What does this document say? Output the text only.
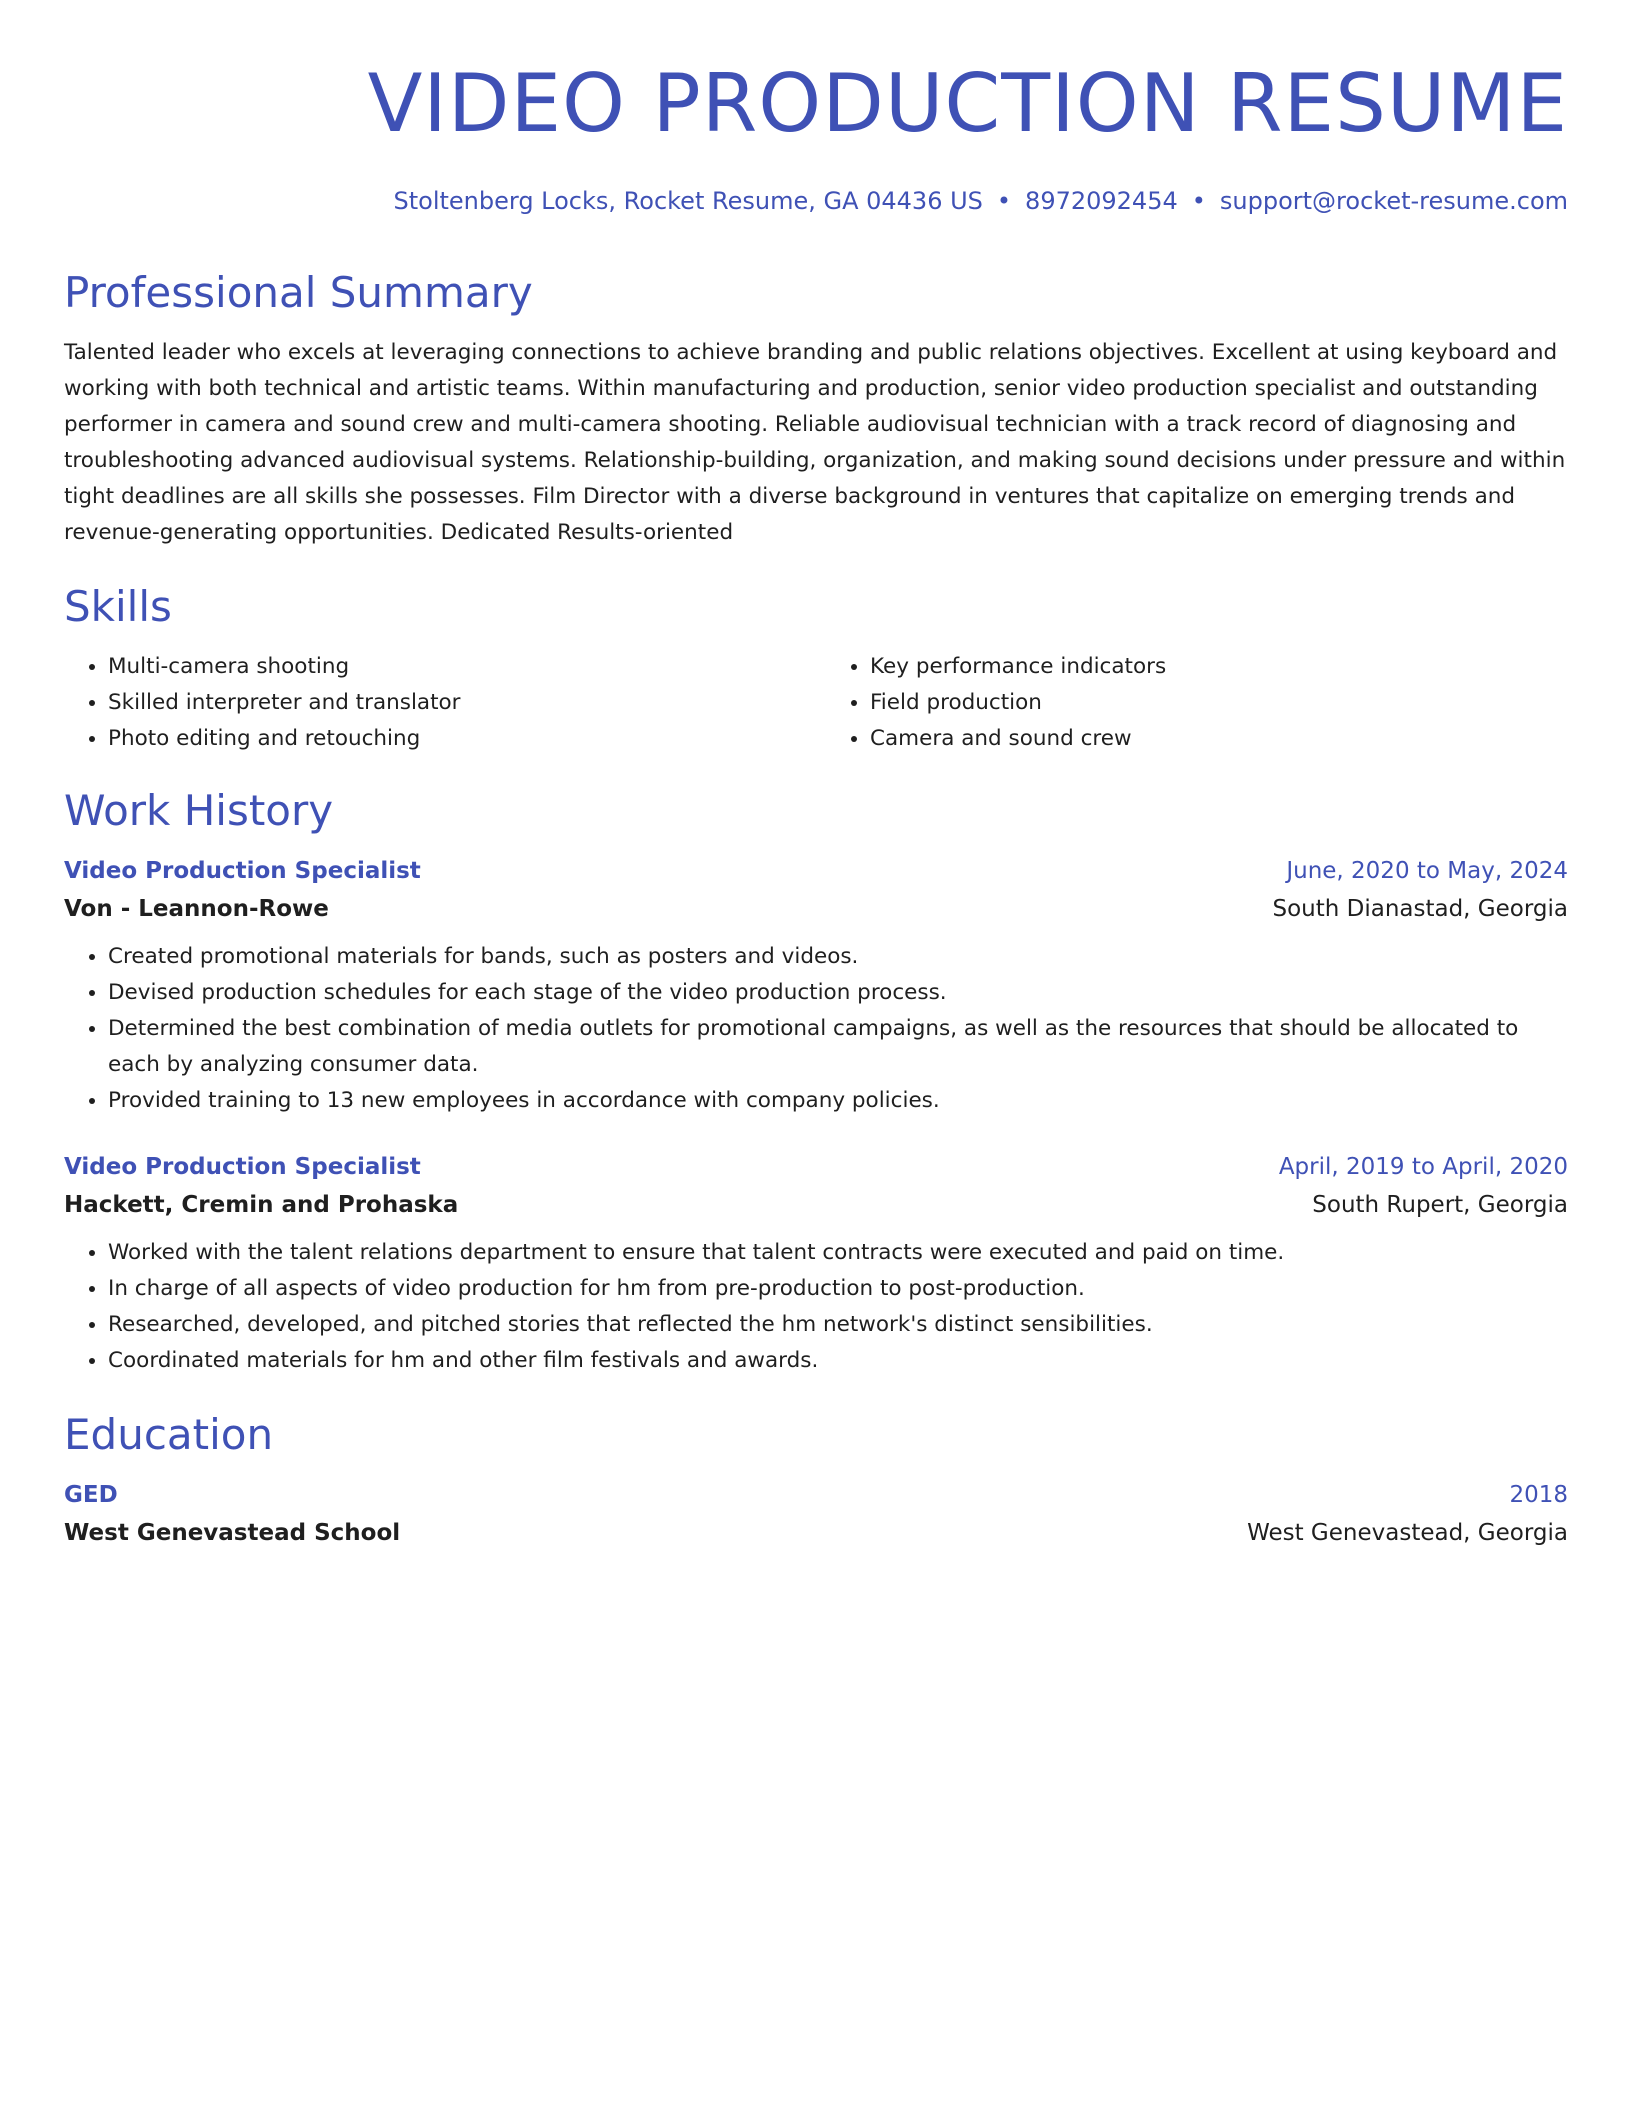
VIDEO PRODUCTION RESUME
Stoltenberg Locks, Rocket Resume, GA 04436 US • 8972092454 • support@rocket-resume.com
Professional Summary

Talented leader who excels at leveraging connections to achieve branding and public relations objectives. Excellent at using keyboard and working with both technical and artistic teams. Within manufacturing and production, senior video production specialist and outstanding performer in camera and sound crew and multi-camera shooting. Reliable audiovisual technician with a track record of diagnosing and troubleshooting advanced audiovisual systems. Relationship-building, organization, and making sound decisions under pressure and within tight deadlines are all skills she possesses. Film Director with a diverse background in ventures that capitalize on emerging trends and revenue-generating opportunities. Dedicated Results-oriented

Skills
• Multi-camera shooting
• Skilled interpreter and translator
• Photo editing and retouching
• Key performance indicators
• Field production
• Camera and sound crew
Work History
Video Production Specialist	June, 2020 to May, 2024
Von - Leannon-Rowe	South Dianastad, Georgia
• Created promotional materials for bands, such as posters and videos.
• Devised production schedules for each stage of the video production process.
• Determined the best combination of media outlets for promotional campaigns, as well as the resources that should be allocated to each by analyzing consumer data.
• Provided training to 13 new employees in accordance with company policies.
Video Production Specialist	April, 2019 to April, 2020
Hackett, Cremin and Prohaska	South Rupert, Georgia
• Worked with the talent relations department to ensure that talent contracts were executed and paid on time.
• In charge of all aspects of video production for hm from pre-production to post-production.
• Researched, developed, and pitched stories that reflected the hm network's distinct sensibilities.
• Coordinated materials for hm and other film festivals and awards.
Education
GED	2018
West Genevastead School	West Genevastead, Georgia
